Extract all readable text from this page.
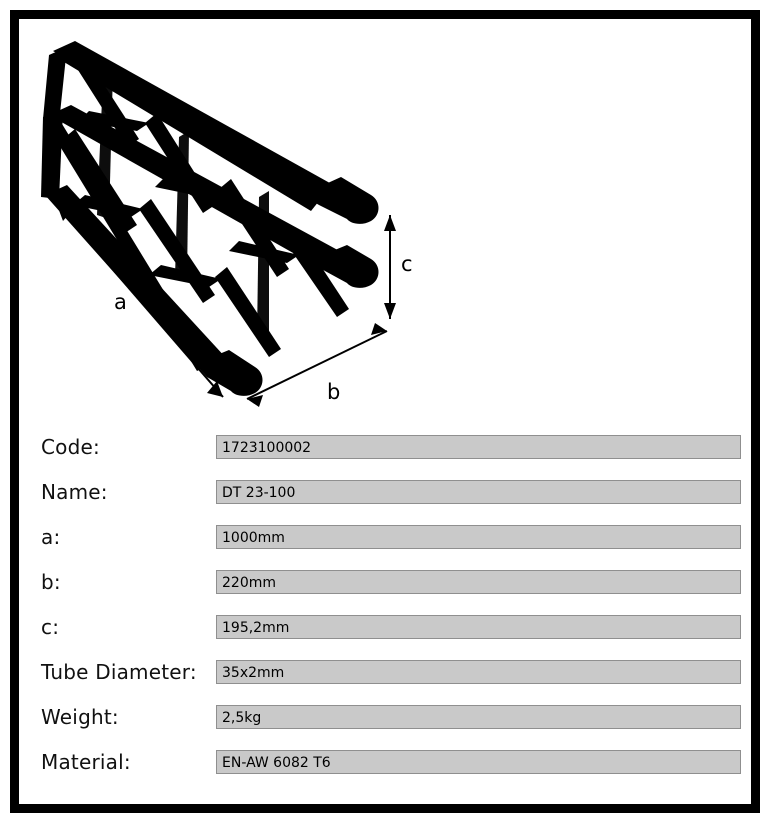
a
b
c
Code:	1723100002
Name:	DT 23-100
a:	1000mm
b:	220mm
c:	195,2mm
Tube Diameter:	35x2mm
Weight:	2,5kg
Material:	EN-AW 6082 T6
